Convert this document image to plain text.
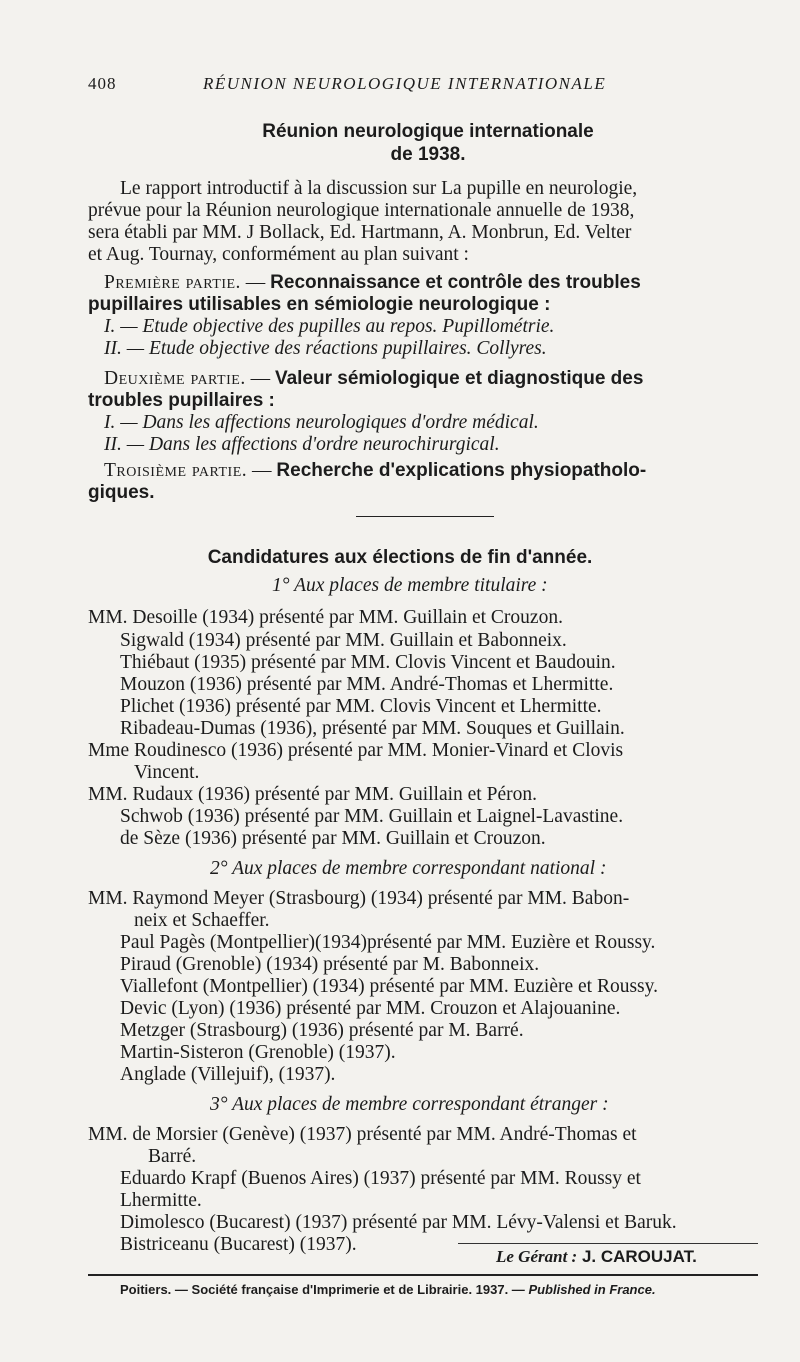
408	RÉUNION NEUROLOGIQUE INTERNATIONALE
Réunion neurologique internationale
de 1938.
Le rapport introductif à la discussion sur La pupille en neurologie,
prévue pour la Réunion neurologique internationale annuelle de 1938,
sera établi par MM. J Bollack, Ed. Hartmann, A. Monbrun, Ed. Velter
et Aug. Tournay, conformément au plan suivant :
Première partie. — Reconnaissance et contrôle des troubles
pupillaires utilisables en sémiologie neurologique :
I. — Etude objective des pupilles au repos. Pupillométrie.
II. — Etude objective des réactions pupillaires. Collyres.
Deuxième partie. — Valeur sémiologique et diagnostique des
troubles pupillaires :
I. — Dans les affections neurologiques d'ordre médical.
II. — Dans les affections d'ordre neurochirurgical.
Troisième partie. — Recherche d'explications physiopatholo-
giques.
Candidatures aux élections de fin d'année.
1° Aux places de membre titulaire :
MM. Desoille (1934) présenté par MM. Guillain et Crouzon.
Sigwald (1934) présenté par MM. Guillain et Babonneix.
Thiébaut (1935) présenté par MM. Clovis Vincent et Baudouin.
Mouzon (1936) présenté par MM. André-Thomas et Lhermitte.
Plichet (1936) présenté par MM. Clovis Vincent et Lhermitte.
Ribadeau-Dumas (1936), présenté par MM. Souques et Guillain.
Mme Roudinesco (1936) présenté par MM. Monier-Vinard et Clovis
Vincent.
MM. Rudaux (1936) présenté par MM. Guillain et Péron.
Schwob (1936) présenté par MM. Guillain et Laignel-Lavastine.
de Sèze (1936) présenté par MM. Guillain et Crouzon.
2° Aux places de membre correspondant national :
MM. Raymond Meyer (Strasbourg) (1934) présenté par MM. Babon-
neix et Schaeffer.
Paul Pagès (Montpellier)(1934)présenté par MM. Euzière et Roussy.
Piraud (Grenoble) (1934) présenté par M. Babonneix.
Viallefont (Montpellier) (1934) présenté par MM. Euzière et Roussy.
Devic (Lyon) (1936) présenté par MM. Crouzon et Alajouanine.
Metzger (Strasbourg) (1936) présenté par M. Barré.
Martin-Sisteron (Grenoble) (1937).
Anglade (Villejuif), (1937).
3° Aux places de membre correspondant étranger :
MM. de Morsier (Genève) (1937) présenté par MM. André-Thomas et
Barré.
Eduardo Krapf (Buenos Aires) (1937) présenté par MM. Roussy et
Lhermitte.
Dimolesco (Bucarest) (1937) présenté par MM. Lévy-Valensi et Baruk.
Bistriceanu (Bucarest) (1937).
Le Gérant : J. CAROUJAT.
Poitiers. — Société française d'Imprimerie et de Librairie. 1937. — Published in France.
